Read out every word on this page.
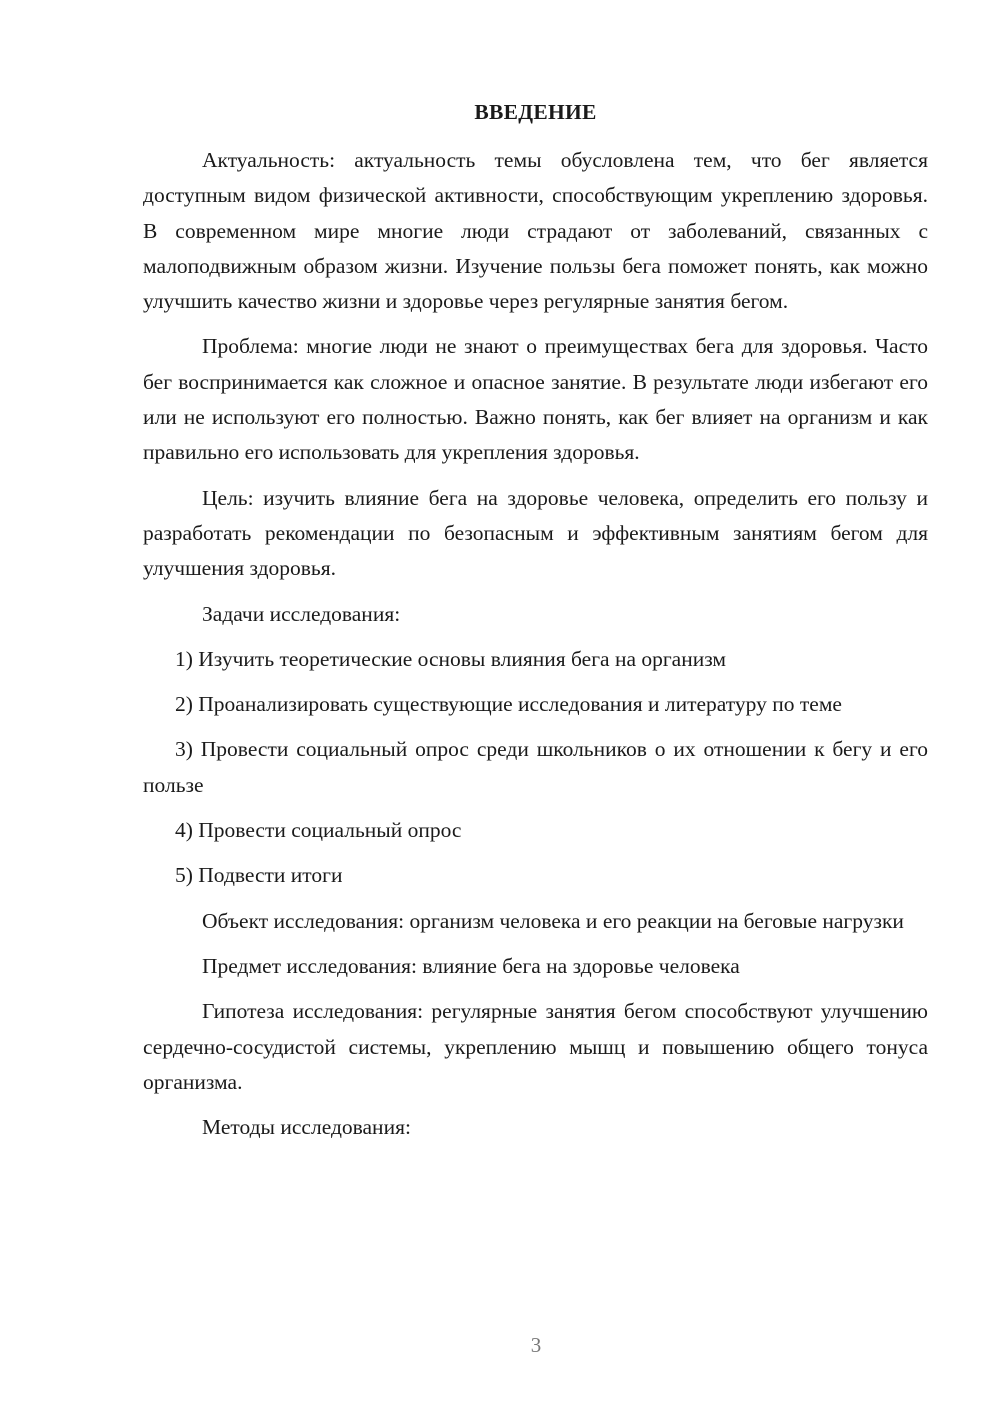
ВВЕДЕНИЕ

Актуальность: актуальность темы обусловлена тем, что бег является доступным видом физической активности, способствующим укреплению здоровья. В современном мире многие люди страдают от заболеваний, связанных с малоподвижным образом жизни. Изучение пользы бега поможет понять, как можно улучшить качество жизни и здоровье через регулярные занятия бегом.

Проблема: многие люди не знают о преимуществах бега для здоровья. Часто бег воспринимается как сложное и опасное занятие. В результате люди избегают его или не используют его полностью. Важно понять, как бег влияет на организм и как правильно его использовать для укрепления здоровья.

Цель: изучить влияние бега на здоровье человека, определить его пользу и разработать рекомендации по безопасным и эффективным занятиям бегом для улучшения здоровья.

Задачи исследования:

1) Изучить теоретические основы влияния бега на организм

2) Проанализировать существующие исследования и литературу по теме

3) Провести социальный опрос среди школьников о их отношении к бегу и его пользе

4) Провести социальный опрос

5) Подвести итоги

Объект исследования: организм человека и его реакции на беговые нагрузки

Предмет исследования: влияние бега на здоровье человека

Гипотеза исследования: регулярные занятия бегом способствуют улучшению сердечно-сосудистой системы, укреплению мышц и повышению общего тонуса организма.

Методы исследования:

3
